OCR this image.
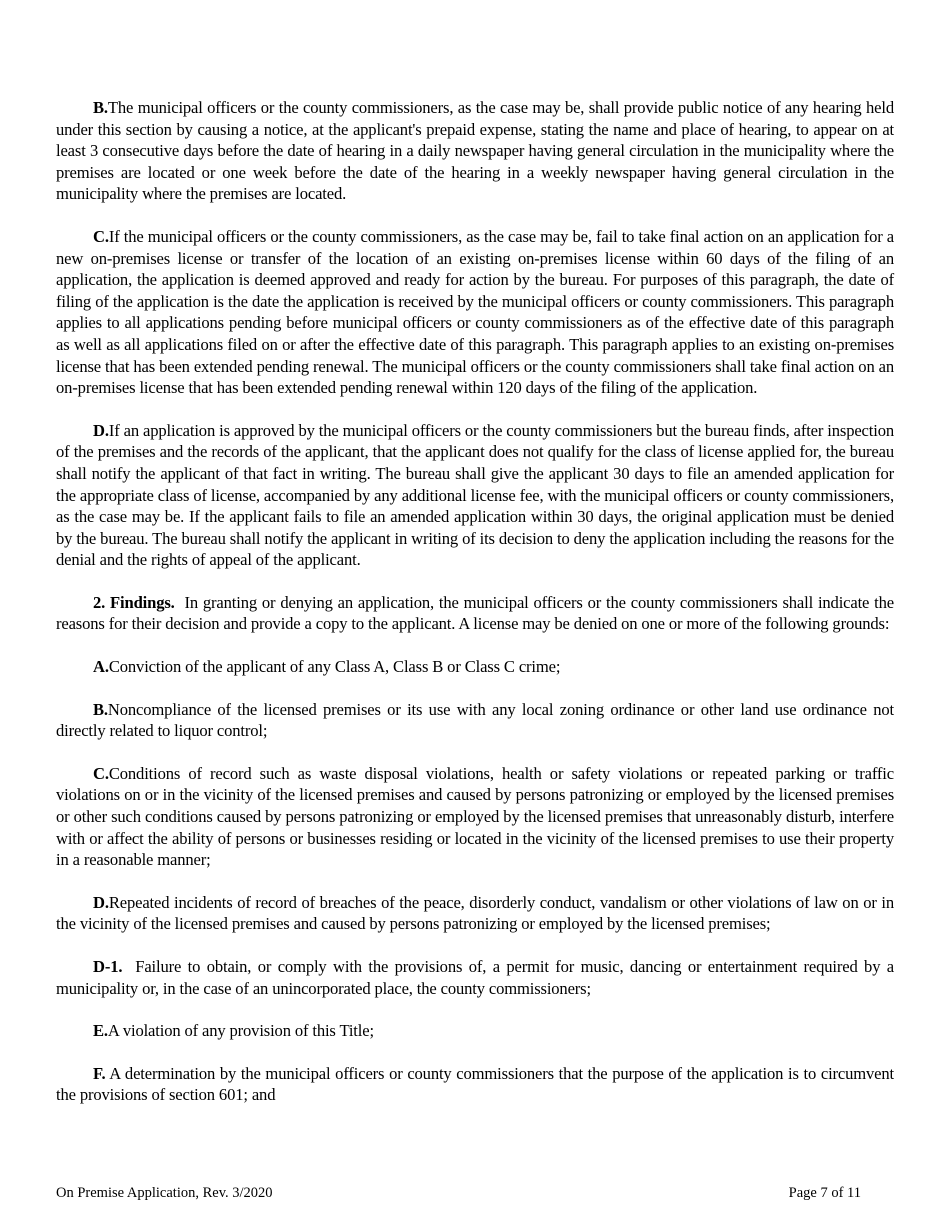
B.The municipal officers or the county commissioners, as the case may be, shall provide public notice of any hearing held under this section by causing a notice, at the applicant's prepaid expense, stating the name and place of hearing, to appear on at least 3 consecutive days before the date of hearing in a daily newspaper having general circulation in the municipality where the premises are located or one week before the date of the hearing in a weekly newspaper having general circulation in the municipality where the premises are located.

C.If the municipal officers or the county commissioners, as the case may be, fail to take final action on an application for a new on-premises license or transfer of the location of an existing on-premises license within 60 days of the filing of an application, the application is deemed approved and ready for action by the bureau. For purposes of this paragraph, the date of filing of the application is the date the application is received by the municipal officers or county commissioners. This paragraph applies to all applications pending before municipal officers or county commissioners as of the effective date of this paragraph as well as all applications filed on or after the effective date of this paragraph. This paragraph applies to an existing on-premises license that has been extended pending renewal. The municipal officers or the county commissioners shall take final action on an on-premises license that has been extended pending renewal within 120 days of the filing of the application.

D.If an application is approved by the municipal officers or the county commissioners but the bureau finds, after inspection of the premises and the records of the applicant, that the applicant does not qualify for the class of license applied for, the bureau shall notify the applicant of that fact in writing. The bureau shall give the applicant 30 days to file an amended application for the appropriate class of license, accompanied by any additional license fee, with the municipal officers or county commissioners, as the case may be. If the applicant fails to file an amended application within 30 days, the original application must be denied by the bureau. The bureau shall notify the applicant in writing of its decision to deny the application including the reasons for the denial and the rights of appeal of the applicant.

2. Findings. In granting or denying an application, the municipal officers or the county commissioners shall indicate the reasons for their decision and provide a copy to the applicant. A license may be denied on one or more of the following grounds:

A.Conviction of the applicant of any Class A, Class B or Class C crime;

B.Noncompliance of the licensed premises or its use with any local zoning ordinance or other land use ordinance not directly related to liquor control;

C.Conditions of record such as waste disposal violations, health or safety violations or repeated parking or traffic violations on or in the vicinity of the licensed premises and caused by persons patronizing or employed by the licensed premises or other such conditions caused by persons patronizing or employed by the licensed premises that unreasonably disturb, interfere with or affect the ability of persons or businesses residing or located in the vicinity of the licensed premises to use their property in a reasonable manner;

D.Repeated incidents of record of breaches of the peace, disorderly conduct, vandalism or other violations of law on or in the vicinity of the licensed premises and caused by persons patronizing or employed by the licensed premises;

D-1. Failure to obtain, or comply with the provisions of, a permit for music, dancing or entertainment required by a municipality or, in the case of an unincorporated place, the county commissioners;

E.A violation of any provision of this Title;

F. A determination by the municipal officers or county commissioners that the purpose of the application is to circumvent the provisions of section 601; and

On Premise Application, Rev. 3/2020	Page 7 of 11
